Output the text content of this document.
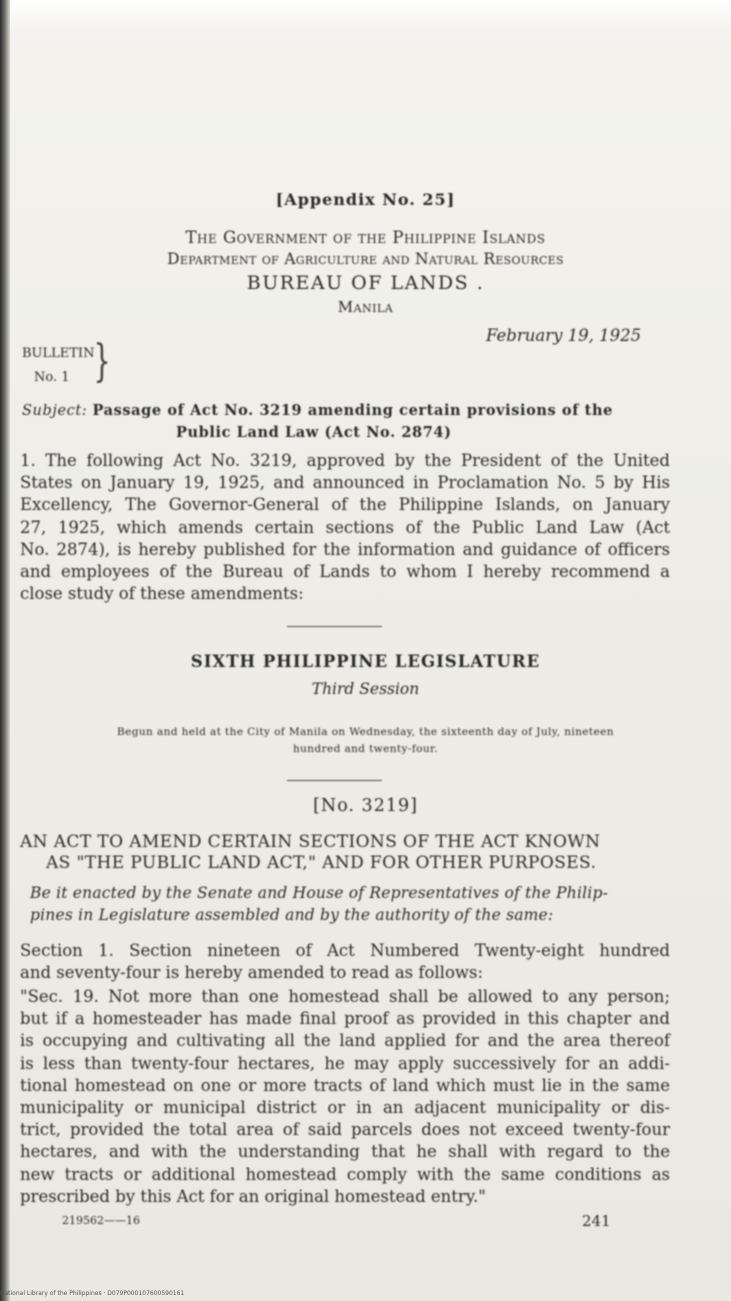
[Appendix No. 25]
The Government of the Philippine Islands
Department of Agriculture and Natural Resources
BUREAU OF LANDS .
Manila
February 19, 1925
BULLETIN
No. 1 }
Subject: Passage of Act No. 3219 amending certain provisions of the
Public Land Law (Act No. 2874)
1. The following Act No. 3219, approved by the President of the United
States on January 19, 1925, and announced in Proclamation No. 5 by His
Excellency, The Governor-General of the Philippine Islands, on January
27, 1925, which amends certain sections of the Public Land Law (Act
No. 2874), is hereby published for the information and guidance of officers
and employees of the Bureau of Lands to whom I hereby recommend a
close study of these amendments:
SIXTH PHILIPPINE LEGISLATURE
Third Session
Begun and held at the City of Manila on Wednesday, the sixteenth day of July, nineteen
hundred and twenty-four.
[No. 3219]
AN ACT TO AMEND CERTAIN SECTIONS OF THE ACT KNOWN
AS "THE PUBLIC LAND ACT," AND FOR OTHER PURPOSES.
Be it enacted by the Senate and House of Representatives of the Philip-
pines in Legislature assembled and by the authority of the same:
Section 1. Section nineteen of Act Numbered Twenty-eight hundred
and seventy-four is hereby amended to read as follows:
"Sec. 19. Not more than one homestead shall be allowed to any person;
but if a homesteader has made final proof as provided in this chapter and
is occupying and cultivating all the land applied for and the area thereof
is less than twenty-four hectares, he may apply successively for an addi-
tional homestead on one or more tracts of land which must lie in the same
municipality or municipal district or in an adjacent municipality or dis-
trict, provided the total area of said parcels does not exceed twenty-four
hectares, and with the understanding that he shall with regard to the
new tracts or additional homestead comply with the same conditions as
prescribed by this Act for an original homestead entry."
219562——16	241
National Library of the Philippines · D079P000107600590161
